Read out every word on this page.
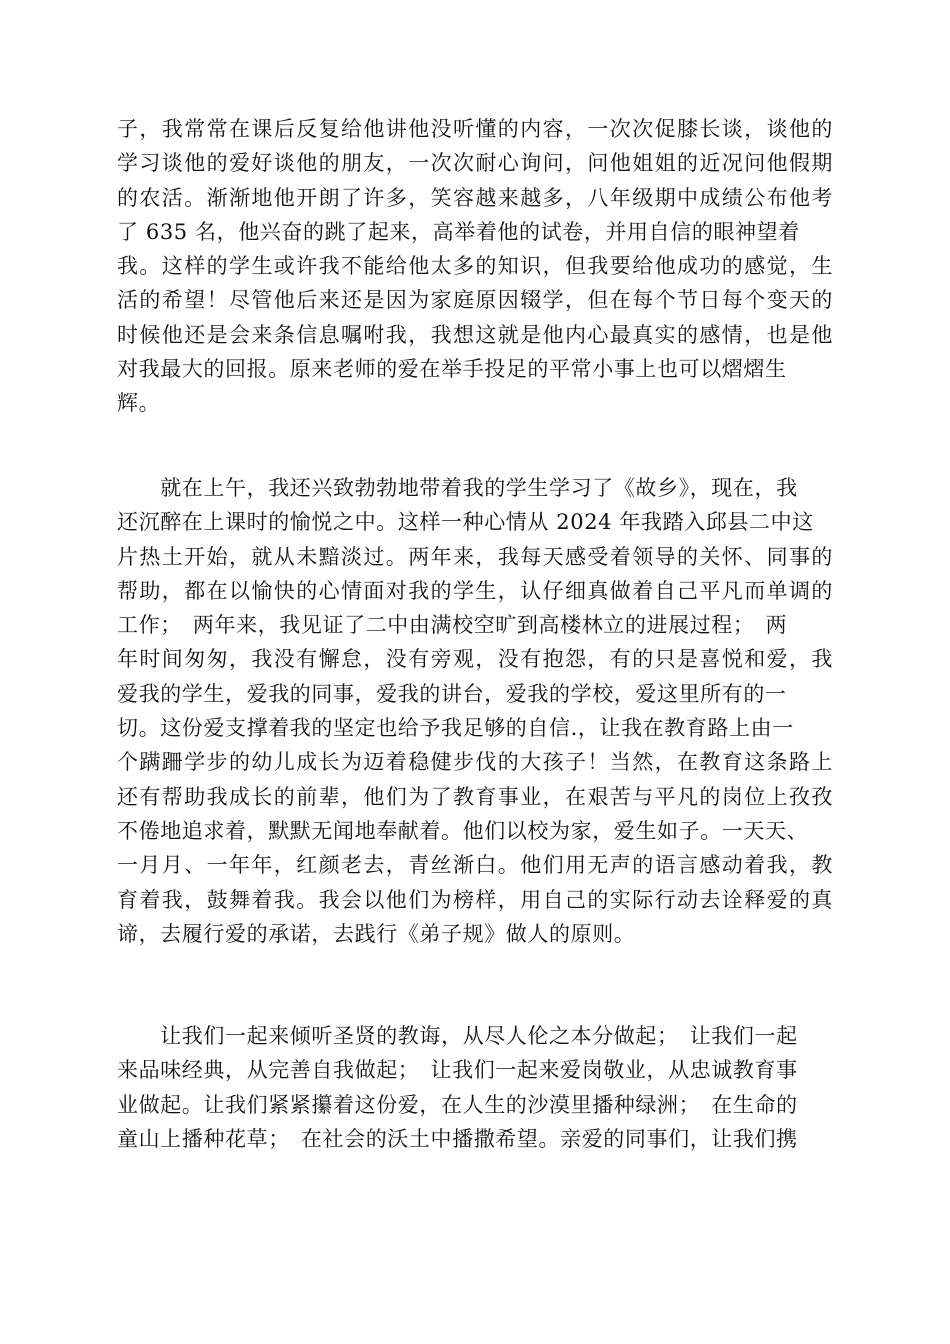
子，我常常在课后反复给他讲他没听懂的内容，一次次促膝长谈，谈他的
学习谈他的爱好谈他的朋友，一次次耐心询问，问他姐姐的近况问他假期
的农活。渐渐地他开朗了许多，笑容越来越多，八年级期中成绩公布他考
了 635 名，他兴奋的跳了起来，高举着他的试卷，并用自信的眼神望着
我。这样的学生或许我不能给他太多的知识，但我要给他成功的感觉，生
活的希望！尽管他后来还是因为家庭原因辍学，但在每个节日每个变天的
时候他还是会来条信息嘱咐我，我想这就是他内心最真实的感情，也是他
对我最大的回报。原来老师的爱在举手投足的平常小事上也可以熠熠生
辉。
　　就在上午，我还兴致勃勃地带着我的学生学习了《故乡》，现在，我
还沉醉在上课时的愉悦之中。这样一种心情从 2024 年我踏入邱县二中这
片热土开始，就从未黯淡过。两年来，我每天感受着领导的关怀、同事的
帮助，都在以愉快的心情面对我的学生，认仔细真做着自己平凡而单调的
工作；　两年来，我见证了二中由满校空旷到高楼林立的进展过程；　两
年时间匆匆，我没有懈怠，没有旁观，没有抱怨，有的只是喜悦和爱，我
爱我的学生，爱我的同事，爱我的讲台，爱我的学校，爱这里所有的一
切。这份爱支撑着我的坚定也给予我足够的自信.，让我在教育路上由一
个蹒跚学步的幼儿成长为迈着稳健步伐的大孩子！当然，在教育这条路上
还有帮助我成长的前辈，他们为了教育事业，在艰苦与平凡的岗位上孜孜
不倦地追求着，默默无闻地奉献着。他们以校为家，爱生如子。一天天、
一月月、一年年，红颜老去，青丝渐白。他们用无声的语言感动着我，教
育着我，鼓舞着我。我会以他们为榜样，用自己的实际行动去诠释爱的真
谛，去履行爱的承诺，去践行《弟子规》做人的原则。
　　让我们一起来倾听圣贤的教诲，从尽人伦之本分做起；　让我们一起
来品味经典，从完善自我做起；　让我们一起来爱岗敬业，从忠诚教育事
业做起。让我们紧紧攥着这份爱，在人生的沙漠里播种绿洲；　在生命的
童山上播种花草；　在社会的沃土中播撒希望。亲爱的同事们，让我们携
